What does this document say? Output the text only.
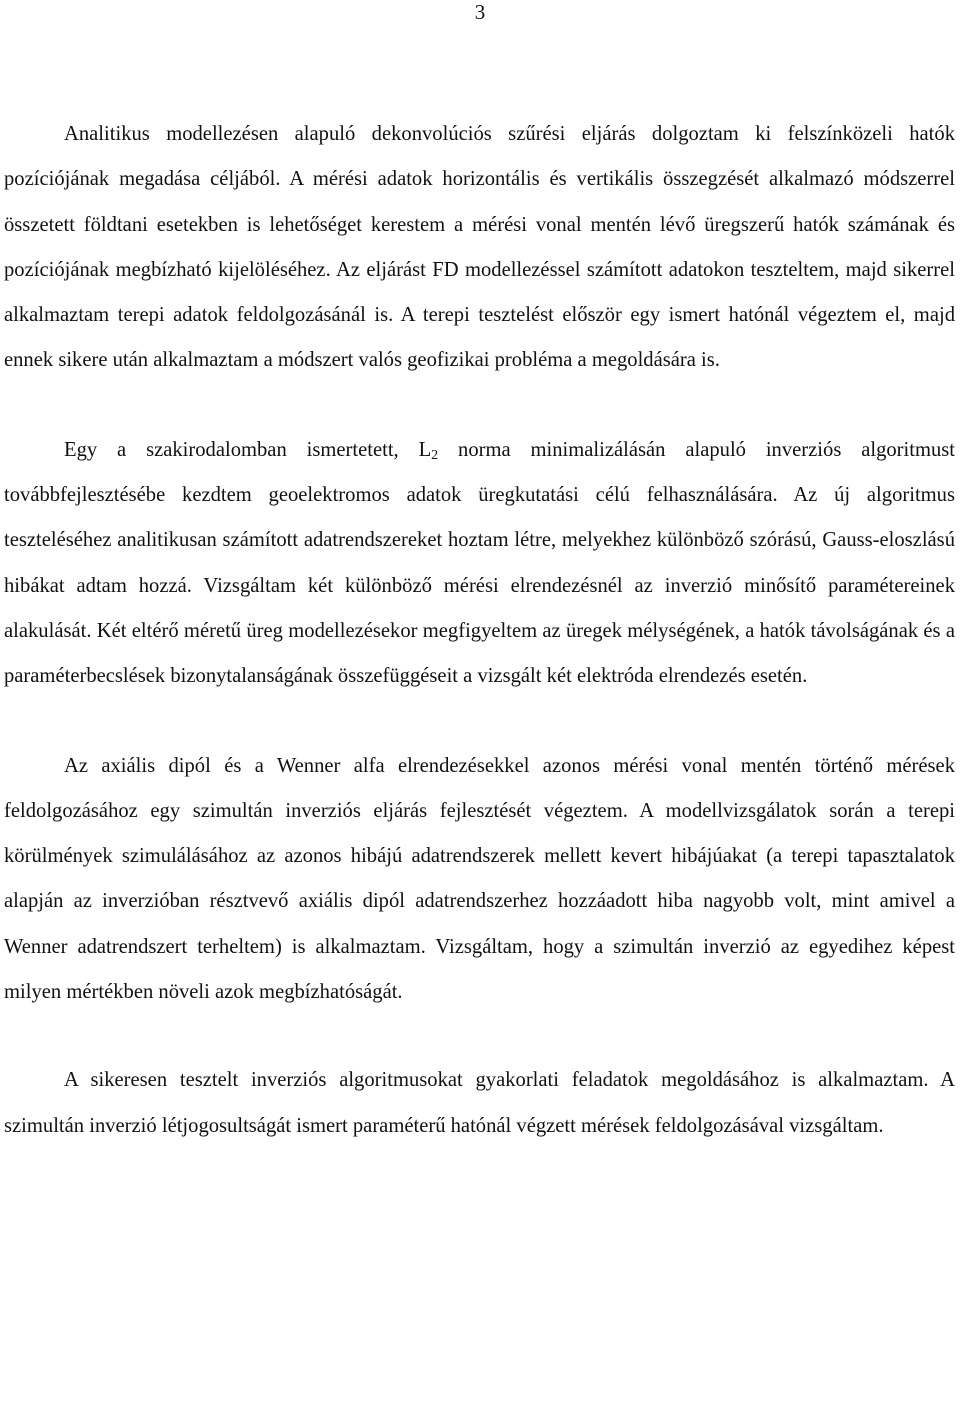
3

Analitikus modellezésen alapuló dekonvolúciós szűrési eljárás dolgoztam ki felszínközeli hatók pozíciójának megadása céljából. A mérési adatok horizontális és vertikális összegzését alkalmazó módszerrel összetett földtani esetekben is lehetőséget kerestem a mérési vonal mentén lévő üregszerű hatók számának és pozíciójának megbízható kijelöléséhez. Az eljárást FD modellezéssel számított adatokon teszteltem, majd sikerrel alkalmaztam terepi adatok feldolgozásánál is. A terepi tesztelést először egy ismert hatónál végeztem el, majd ennek sikere után alkalmaztam a módszert valós geofizikai probléma a megoldására is.

Egy a szakirodalomban ismertetett, $L_2$ norma minimalizálásán alapuló inverziós algoritmust továbbfejlesztésébe kezdtem geoelektromos adatok üregkutatási célú felhasználására. Az új algoritmus teszteléséhez analitikusan számított adatrendszereket hoztam létre, melyekhez különböző szórású, Gauss-eloszlású hibákat adtam hozzá. Vizsgáltam két különböző mérési elrendezésnél az inverzió minősítő paramétereinek alakulását. Két eltérő méretű üreg modellezésekor megfigyeltem az üregek mélységének, a hatók távolságának és a paraméterbecslések bizonytalanságának összefüggéseit a vizsgált két elektróda elrendezés esetén.

Az axiális dipól és a Wenner alfa elrendezésekkel azonos mérési vonal mentén történő mérések feldolgozásához egy szimultán inverziós eljárás fejlesztését végeztem. A modellvizsgálatok során a terepi körülmények szimulálásához az azonos hibájú adatrendszerek mellett kevert hibájúakat (a terepi tapasztalatok alapján az inverzióban résztvevő axiális dipól adatrendszerhez hozzáadott hiba nagyobb volt, mint amivel a Wenner adatrendszert terheltem) is alkalmaztam. Vizsgáltam, hogy a szimultán inverzió az egyedihez képest milyen mértékben növeli azok megbízhatóságát.

A sikeresen tesztelt inverziós algoritmusokat gyakorlati feladatok megoldásához is alkalmaztam. A szimultán inverzió létjogosultságát ismert paraméterű hatónál végzett mérések feldolgozásával vizsgáltam.
